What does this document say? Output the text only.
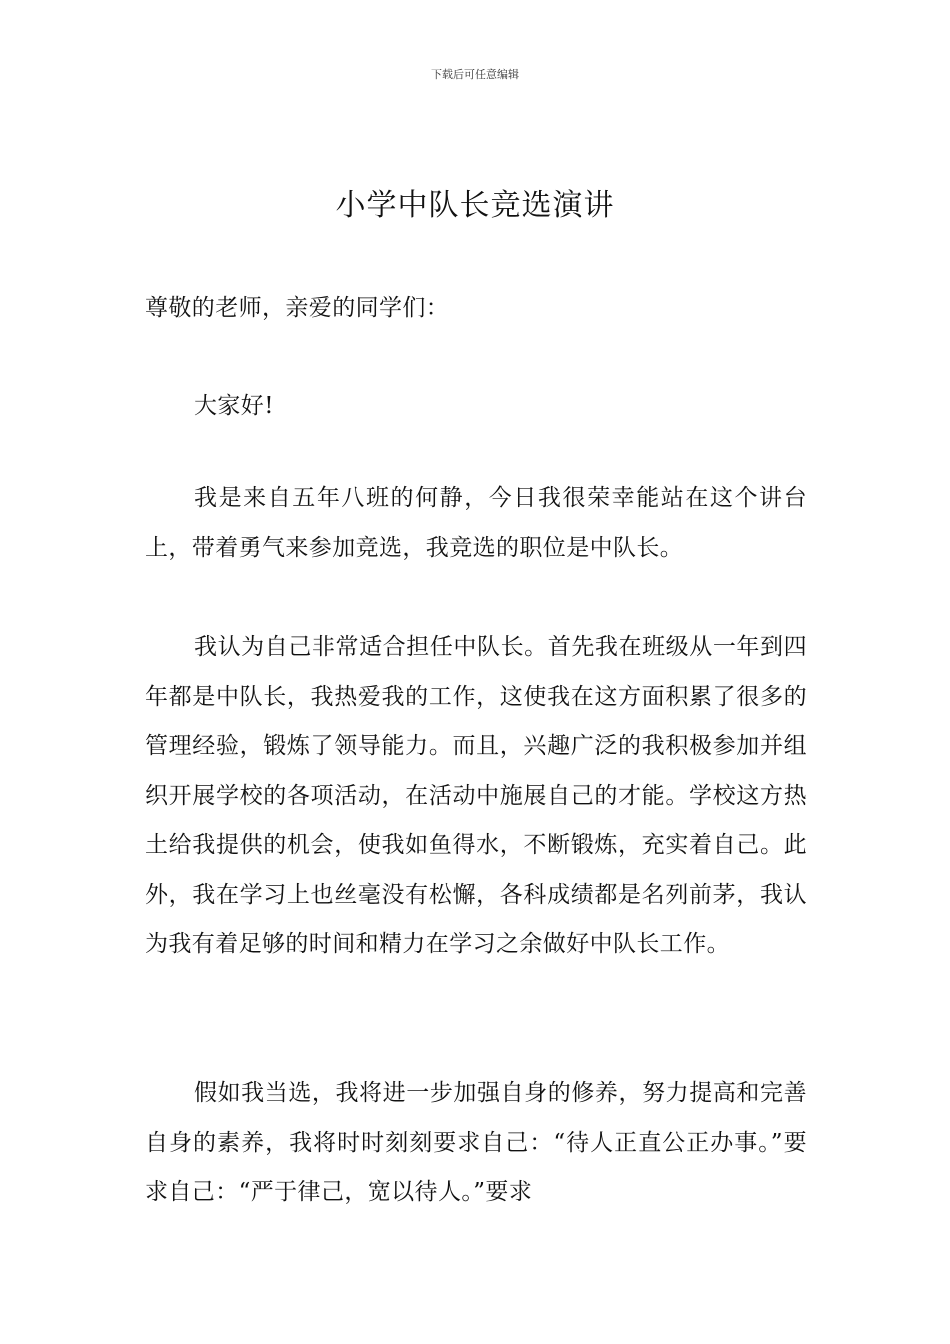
下载后可任意编辑
小学中队长竞选演讲

尊敬的老师，亲爱的同学们：

大家好!

我是来自五年八班的何静，今日我很荣幸能站在这个讲台上，带着勇气来参加竞选，我竞选的职位是中队长。

我认为自己非常适合担任中队长。首先我在班级从一年到四年都是中队长，我热爱我的工作，这使我在这方面积累了很多的管理经验，锻炼了领导能力。而且，兴趣广泛的我积极参加并组织开展学校的各项活动，在活动中施展自己的才能。学校这方热土给我提供的机会，使我如鱼得水，不断锻炼，充实着自己。此外，我在学习上也丝毫没有松懈，各科成绩都是名列前茅，我认为我有着足够的时间和精力在学习之余做好中队长工作。

假如我当选，我将进一步加强自身的修养，努力提高和完善自身的素养，我将时时刻刻要求自己：“待人正直公正办事。”要求自己：“严于律己，宽以待人。”要求
